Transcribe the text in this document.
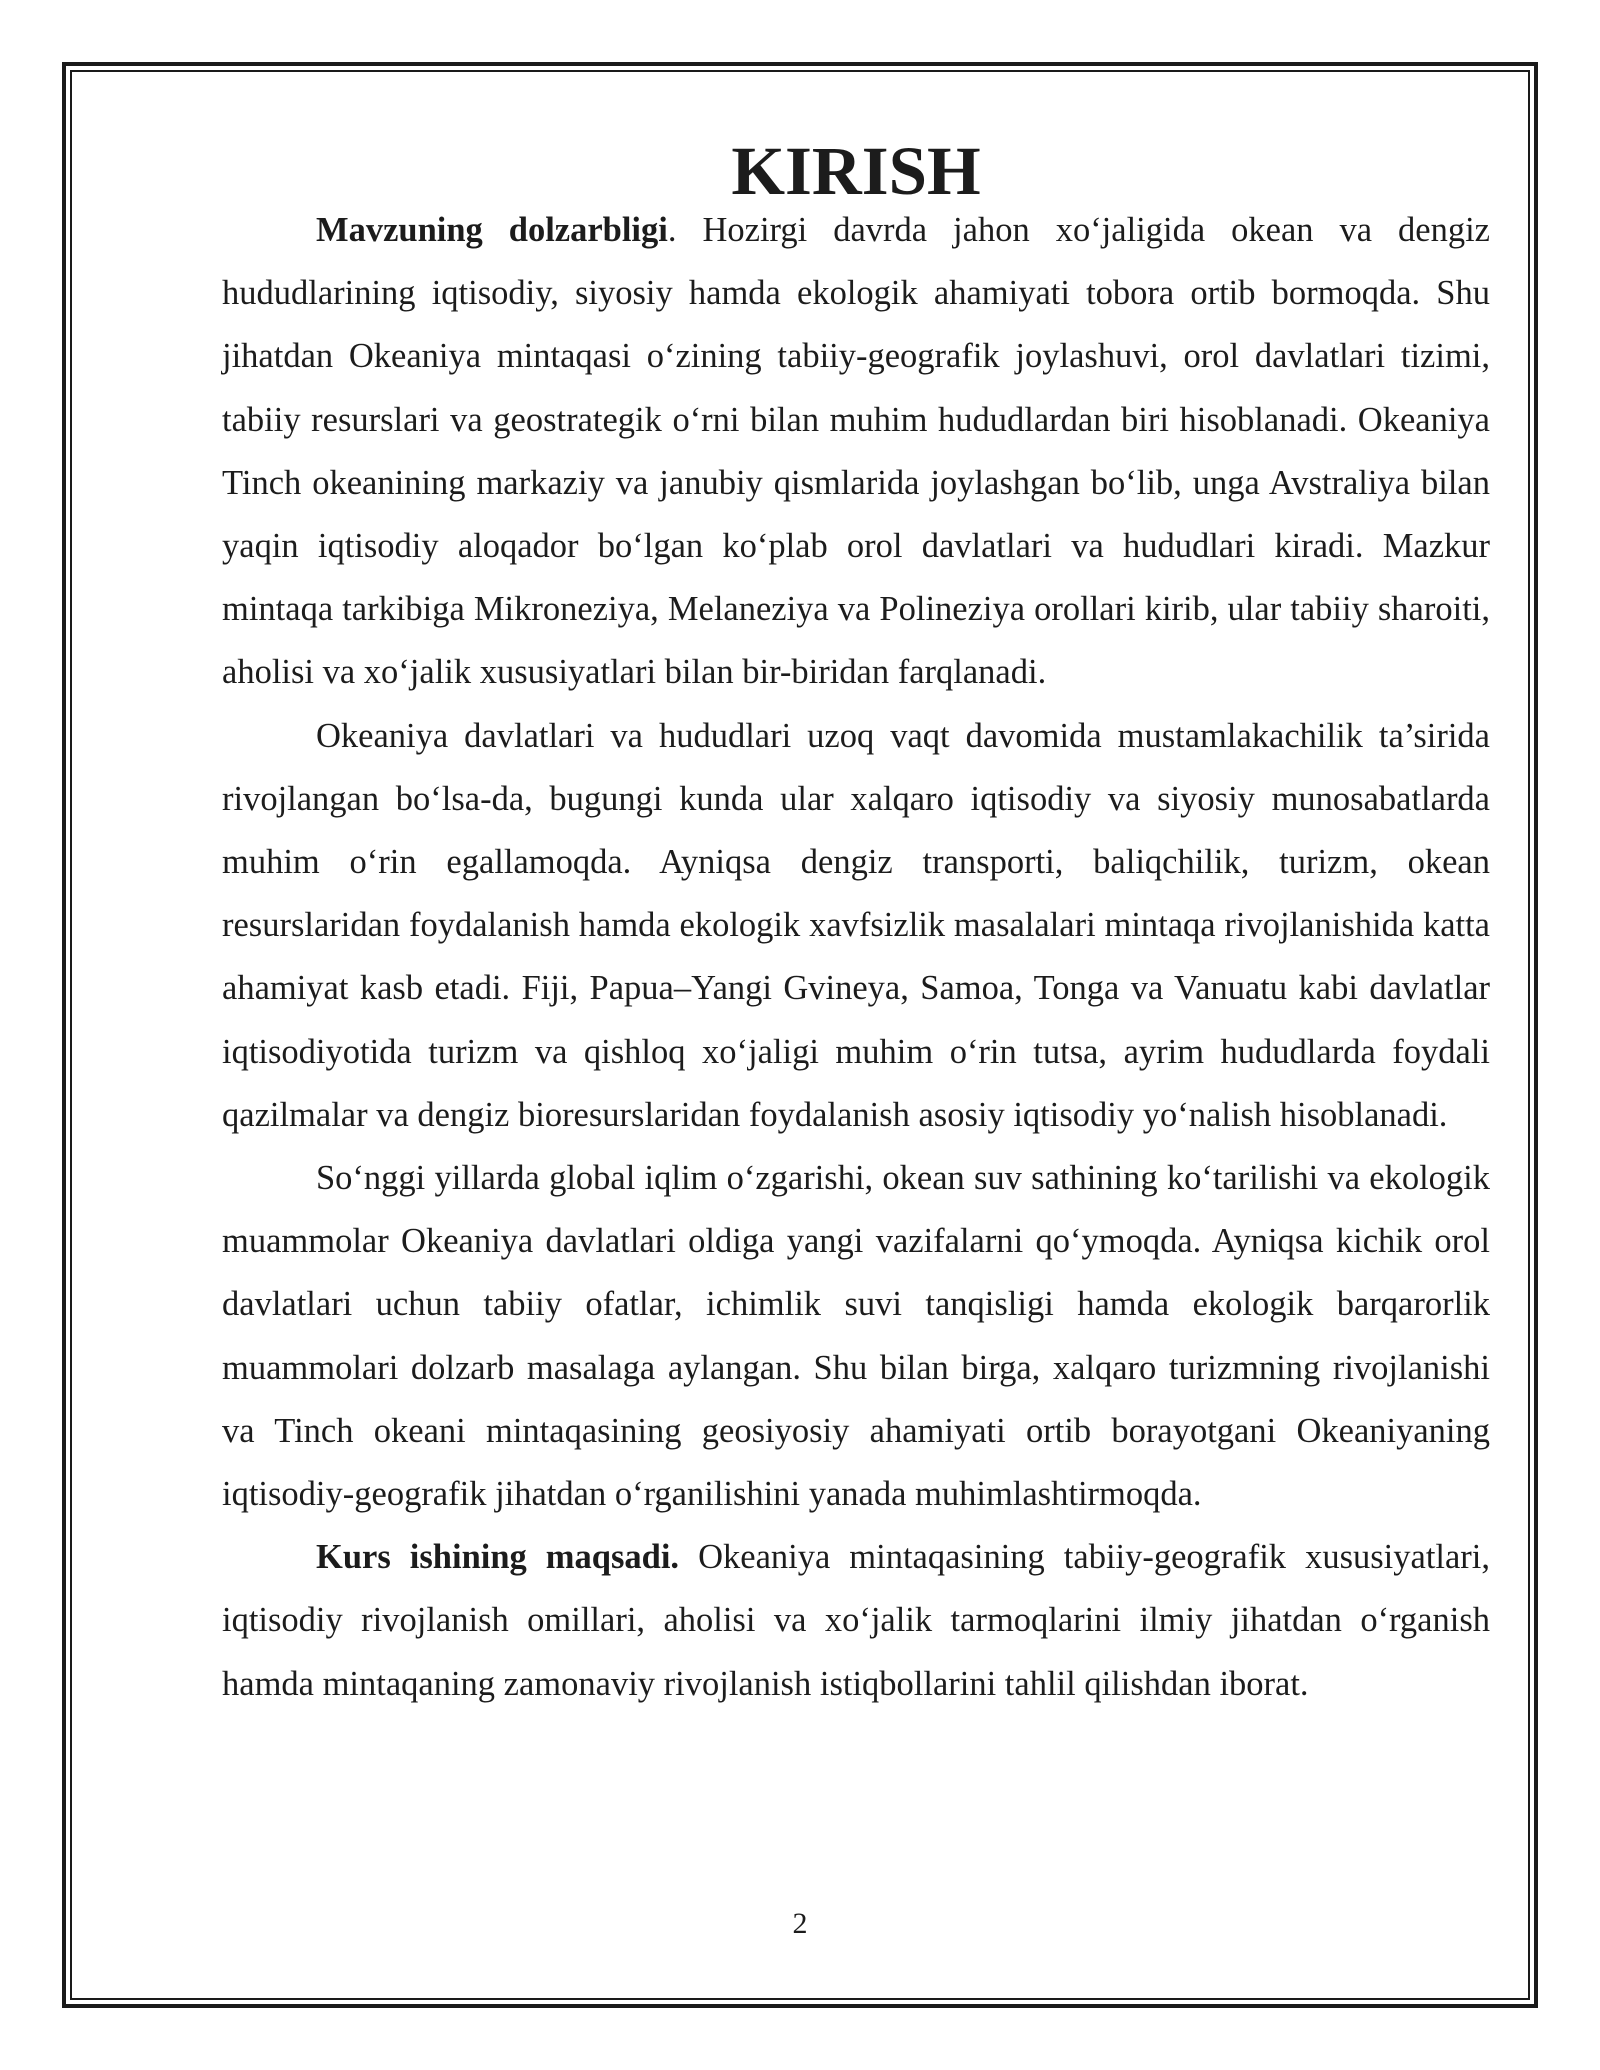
KIRISH

Mavzuning dolzarbligi. Hozirgi davrda jahon xo‘jaligida okean va dengiz hududlarining iqtisodiy, siyosiy hamda ekologik ahamiyati tobora ortib bormoqda. Shu jihatdan Okeaniya mintaqasi o‘zining tabiiy-geografik joylashuvi, orol davlatlari tizimi, tabiiy resurslari va geostrategik o‘rni bilan muhim hududlardan biri hisoblanadi. Okeaniya Tinch okeanining markaziy va janubiy qismlarida joylashgan bo‘lib, unga Avstraliya bilan yaqin iqtisodiy aloqador bo‘lgan ko‘plab orol davlatlari va hududlari kiradi. Mazkur mintaqa tarkibiga Mikroneziya, Melaneziya va Polineziya orollari kirib, ular tabiiy sharoiti, aholisi va xo‘jalik xususiyatlari bilan bir-biridan farqlanadi.

Okeaniya davlatlari va hududlari uzoq vaqt davomida mustamlakachilik ta’sirida rivojlangan bo‘lsa-da, bugungi kunda ular xalqaro iqtisodiy va siyosiy munosabatlarda muhim o‘rin egallamoqda. Ayniqsa dengiz transporti, baliqchilik, turizm, okean resurslaridan foydalanish hamda ekologik xavfsizlik masalalari mintaqa rivojlanishida katta ahamiyat kasb etadi. Fiji, Papua–Yangi Gvineya, Samoa, Tonga va Vanuatu kabi davlatlar iqtisodiyotida turizm va qishloq xo‘jaligi muhim o‘rin tutsa, ayrim hududlarda foydali qazilmalar va dengiz bioresurslaridan foydalanish asosiy iqtisodiy yo‘nalish hisoblanadi.

So‘nggi yillarda global iqlim o‘zgarishi, okean suv sathining ko‘tarilishi va ekologik muammolar Okeaniya davlatlari oldiga yangi vazifalarni qo‘ymoqda. Ayniqsa kichik orol davlatlari uchun tabiiy ofatlar, ichimlik suvi tanqisligi hamda ekologik barqarorlik muammolari dolzarb masalaga aylangan. Shu bilan birga, xalqaro turizmning rivojlanishi va Tinch okeani mintaqasining geosiyosiy ahamiyati ortib borayotgani Okeaniyaning iqtisodiy-geografik jihatdan o‘rganilishini yanada muhimlashtirmoqda.

Kurs ishining maqsadi. Okeaniya mintaqasining tabiiy-geografik xususiyatlari, iqtisodiy rivojlanish omillari, aholisi va xo‘jalik tarmoqlarini ilmiy jihatdan o‘rganish hamda mintaqaning zamonaviy rivojlanish istiqbollarini tahlil qilishdan iborat.

2
